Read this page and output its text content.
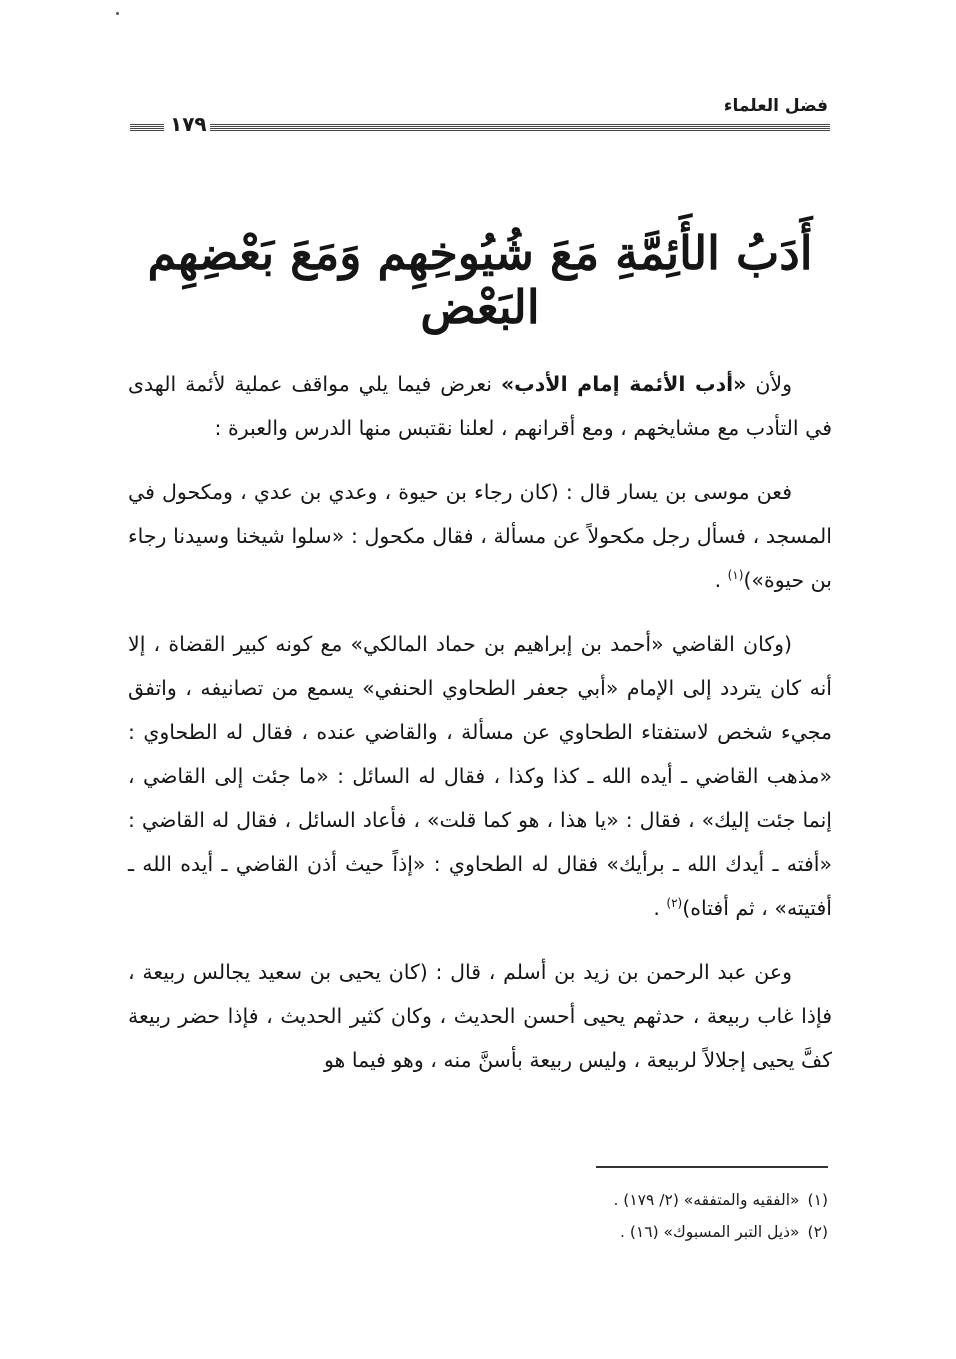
فضل العلماء
١٧٩
أَدَبُ الأَئِمَّةِ مَعَ شُيُوخِهِم وَمَعَ بَعْضِهِم البَعْض

ولأن «أدب الأئمة إمام الأدب» نعرض فيما يلي مواقف عملية لأئمة الهدى في التأدب مع مشايخهم ، ومع أقرانهم ، لعلنا نقتبس منها الدرس والعبرة :

فعن موسى بن يسار قال : (كان رجاء بن حيوة ، وعدي بن عدي ، ومكحول في المسجد ، فسأل رجل مكحولاً عن مسألة ، فقال مكحول : «سلوا شيخنا وسيدنا رجاء بن حيوة»)$^{(١)}$ .

(وكان القاضي «أحمد بن إبراهيم بن حماد المالكي» مع كونه كبير القضاة ، إلا أنه كان يتردد إلى الإمام «أبي جعفر الطحاوي الحنفي» يسمع من تصانيفه ، واتفق مجيء شخص لاستفتاء الطحاوي عن مسألة ، والقاضي عنده ، فقال له الطحاوي : «مذهب القاضي ـ أيده الله ـ كذا وكذا ، فقال له السائل : «ما جئت إلى القاضي ، إنما جئت إليك» ، فقال : «يا هذا ، هو كما قلت» ، فأعاد السائل ، فقال له القاضي : «أفته ـ أيدك الله ـ برأيك» فقال له الطحاوي : «إذاً حيث أذن القاضي ـ أيده الله ـ أفتيته» ، ثم أفتاه)$^{(٢)}$ .

وعن عبد الرحمن بن زيد بن أسلم ، قال : (كان يحيى بن سعيد يجالس ربيعة ، فإذا غاب ربيعة ، حدثهم يحيى أحسن الحديث ، وكان كثير الحديث ، فإذا حضر ربيعة كفَّ يحيى إجلالاً لربيعة ، وليس ربيعة بأسنَّ منه ، وهو فيما هو

(١)«الفقيه والمتفقه» (٢/ ١٧٩) .

(٢)«ذيل التبر المسبوك» (١٦) .
